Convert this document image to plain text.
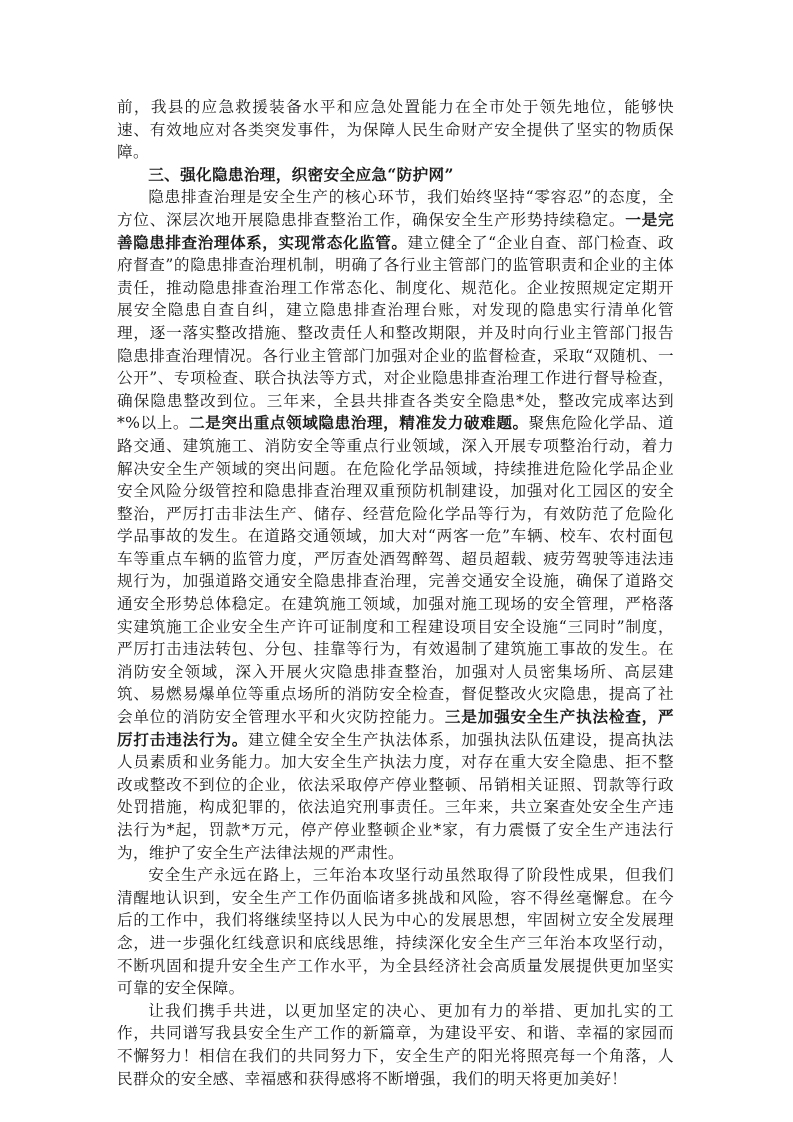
前，我县的应急救援装备水平和应急处置能力在全市处于领先地位，能够快速、有效地应对各类突发事件，为保障人民生命财产安全提供了坚实的物质保障。

三、强化隐患治理，织密安全应急“防护网”

隐患排查治理是安全生产的核心环节，我们始终坚持“零容忍”的态度，全方位、深层次地开展隐患排查整治工作，确保安全生产形势持续稳定。一是完善隐患排查治理体系，实现常态化监管。建立健全了“企业自查、部门检查、政府督查”的隐患排查治理机制，明确了各行业主管部门的监管职责和企业的主体责任，推动隐患排查治理工作常态化、制度化、规范化。企业按照规定定期开展安全隐患自查自纠，建立隐患排查治理台账，对发现的隐患实行清单化管理，逐一落实整改措施、整改责任人和整改期限，并及时向行业主管部门报告隐患排查治理情况。各行业主管部门加强对企业的监督检查，采取“双随机、一公开”、专项检查、联合执法等方式，对企业隐患排查治理工作进行督导检查，确保隐患整改到位。三年来，全县共排查各类安全隐患*处，整改完成率达到*%以上。二是突出重点领域隐患治理，精准发力破难题。聚焦危险化学品、道路交通、建筑施工、消防安全等重点行业领域，深入开展专项整治行动，着力解决安全生产领域的突出问题。在危险化学品领域，持续推进危险化学品企业安全风险分级管控和隐患排查治理双重预防机制建设，加强对化工园区的安全整治，严厉打击非法生产、储存、经营危险化学品等行为，有效防范了危险化学品事故的发生。在道路交通领域，加大对“两客一危”车辆、校车、农村面包车等重点车辆的监管力度，严厉查处酒驾醉驾、超员超载、疲劳驾驶等违法违规行为，加强道路交通安全隐患排查治理，完善交通安全设施，确保了道路交通安全形势总体稳定。在建筑施工领域，加强对施工现场的安全管理，严格落实建筑施工企业安全生产许可证制度和工程建设项目安全设施“三同时”制度，严厉打击违法转包、分包、挂靠等行为，有效遏制了建筑施工事故的发生。在消防安全领域，深入开展火灾隐患排查整治，加强对人员密集场所、高层建筑、易燃易爆单位等重点场所的消防安全检查，督促整改火灾隐患，提高了社会单位的消防安全管理水平和火灾防控能力。三是加强安全生产执法检查，严厉打击违法行为。建立健全安全生产执法体系，加强执法队伍建设，提高执法人员素质和业务能力。加大安全生产执法力度，对存在重大安全隐患、拒不整改或整改不到位的企业，依法采取停产停业整顿、吊销相关证照、罚款等行政处罚措施，构成犯罪的，依法追究刑事责任。三年来，共立案查处安全生产违法行为*起，罚款*万元，停产停业整顿企业*家，有力震慑了安全生产违法行为，维护了安全生产法律法规的严肃性。

安全生产永远在路上，三年治本攻坚行动虽然取得了阶段性成果，但我们清醒地认识到，安全生产工作仍面临诸多挑战和风险，容不得丝毫懈怠。在今后的工作中，我们将继续坚持以人民为中心的发展思想，牢固树立安全发展理念，进一步强化红线意识和底线思维，持续深化安全生产三年治本攻坚行动，不断巩固和提升安全生产工作水平，为全县经济社会高质量发展提供更加坚实可靠的安全保障。

让我们携手共进，以更加坚定的决心、更加有力的举措、更加扎实的工作，共同谱写我县安全生产工作的新篇章，为建设平安、和谐、幸福的家园而不懈努力！相信在我们的共同努力下，安全生产的阳光将照亮每一个角落，人民群众的安全感、幸福感和获得感将不断增强，我们的明天将更加美好！
